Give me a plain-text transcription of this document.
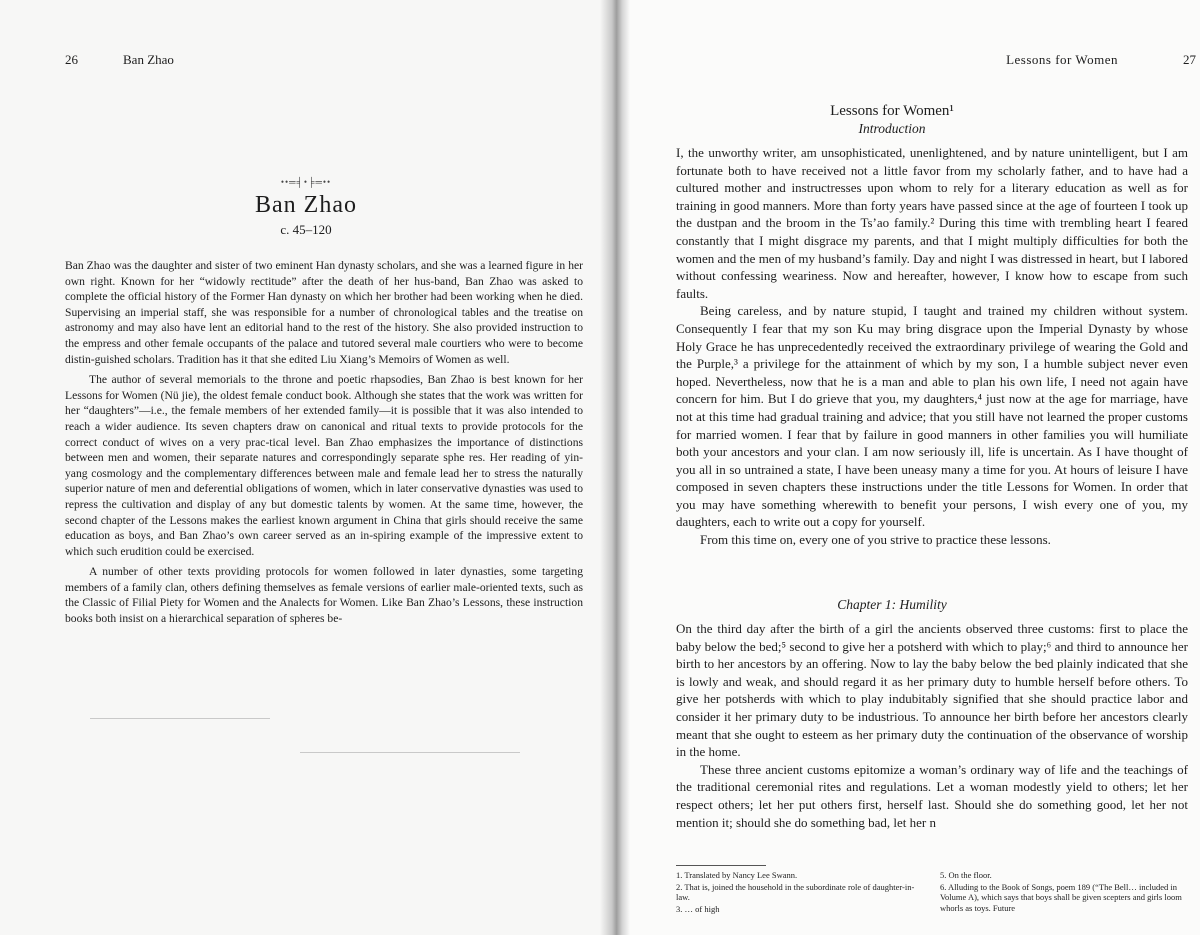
26	Ban Zhao
••═╡•╞═••
Ban Zhao
c. 45–120

Ban Zhao was the daughter and sister of two eminent Han dynasty scholars, and she was a learned figure in her own right. Known for her “widowly rectitude” after the death of her hus-band, Ban Zhao was asked to complete the official history of the Former Han dynasty on which her brother had been working when he died. Supervising an imperial staff, she was responsible for a number of chronological tables and the treatise on astronomy and may also have lent an editorial hand to the rest of the history. She also provided instruction to the empress and other female occupants of the palace and tutored several male courtiers who were to become distin-guished scholars. Tradition has it that she edited Liu Xiang’s Memoirs of Women as well.

The author of several memorials to the throne and poetic rhapsodies, Ban Zhao is best known for her Lessons for Women (Nü jie), the oldest female conduct book. Although she states that the work was written for her “daughters”—i.e., the female members of her extended family—it is possible that it was also intended to reach a wider audience. Its seven chapters draw on canonical and ritual texts to provide protocols for the correct conduct of wives on a very prac-tical level. Ban Zhao emphasizes the importance of distinctions between men and women, their separate natures and correspondingly separate sphe res. Her reading of yin-yang cosmology and the complementary differences between male and female lead her to stress the naturally superior nature of men and deferential obligations of women, which in later conservative dynasties was used to repress the cultivation and display of any but domestic talents by women. At the same time, however, the second chapter of the Lessons makes the earliest known argument in China that girls should receive the same education as boys, and Ban Zhao’s own career served as an in-spiring example of the impressive extent to which such erudition could be exercised.

A number of other texts providing protocols for women followed in later dynasties, some targeting members of a family clan, others defining themselves as female versions of earlier male-oriented texts, such as the Classic of Filial Piety for Women and the Analects for Women. Like Ban Zhao’s Lessons, these instruction books both insist on a hierarchical separation of spheres be-

Lessons for Women	27
Lessons for Women¹
Introduction

I, the unworthy writer, am unsophisticated, unenlightened, and by nature unintelligent, but I am fortunate both to have received not a little favor from my scholarly father, and to have had a cultured mother and instructresses upon whom to rely for a literary education as well as for training in good manners. More than forty years have passed since at the age of fourteen I took up the dustpan and the broom in the Ts’ao family.² During this time with trembling heart I feared constantly that I might disgrace my parents, and that I might multiply difficulties for both the women and the men of my husband’s family. Day and night I was distressed in heart, but I labored without confessing weariness. Now and hereafter, however, I know how to escape from such faults.

Being careless, and by nature stupid, I taught and trained my children without system. Consequently I fear that my son Ku may bring disgrace upon the Imperial Dynasty by whose Holy Grace he has unprecedentedly received the extraordinary privilege of wearing the Gold and the Purple,³ a privilege for the attainment of which by my son, I a humble subject never even hoped. Nevertheless, now that he is a man and able to plan his own life, I need not again have concern for him. But I do grieve that you, my daughters,⁴ just now at the age for marriage, have not at this time had gradual training and advice; that you still have not learned the proper customs for married women. I fear that by failure in good manners in other families you will humiliate both your ancestors and your clan. I am now seriously ill, life is uncertain. As I have thought of you all in so untrained a state, I have been uneasy many a time for you. At hours of leisure I have composed in seven chapters these instructions under the title Lessons for Women. In order that you may have something wherewith to benefit your persons, I wish every one of you, my daughters, each to write out a copy for yourself.

From this time on, every one of you strive to practice these lessons.

Chapter 1: Humility

On the third day after the birth of a girl the ancients observed three customs: first to place the baby below the bed;⁵ second to give her a potsherd with which to play;⁶ and third to announce her birth to her ancestors by an offering. Now to lay the baby below the bed plainly indicated that she is lowly and weak, and should regard it as her primary duty to humble herself before others. To give her potsherds with which to play indubitably signified that she should practice labor and consider it her primary duty to be industrious. To announce her birth before her ancestors clearly meant that she ought to esteem as her primary duty the continuation of the observance of worship in the home.

These three ancient customs epitomize a woman’s ordinary way of life and the teachings of the traditional ceremonial rites and regulations. Let a woman modestly yield to others; let her respect others; let her put others first, herself last. Should she do something good, let her not mention it; should she do something bad, let her n

1. Translated by Nancy Lee Swann.
2. That is, joined the household in the subordinate role of daughter-in-law.
3. … of high
5. On the floor.
6. Alluding to the Book of Songs, poem 189 (“The Bell… included in Volume A), which says that boys shall be given scepters and girls loom whorls as toys. Future
